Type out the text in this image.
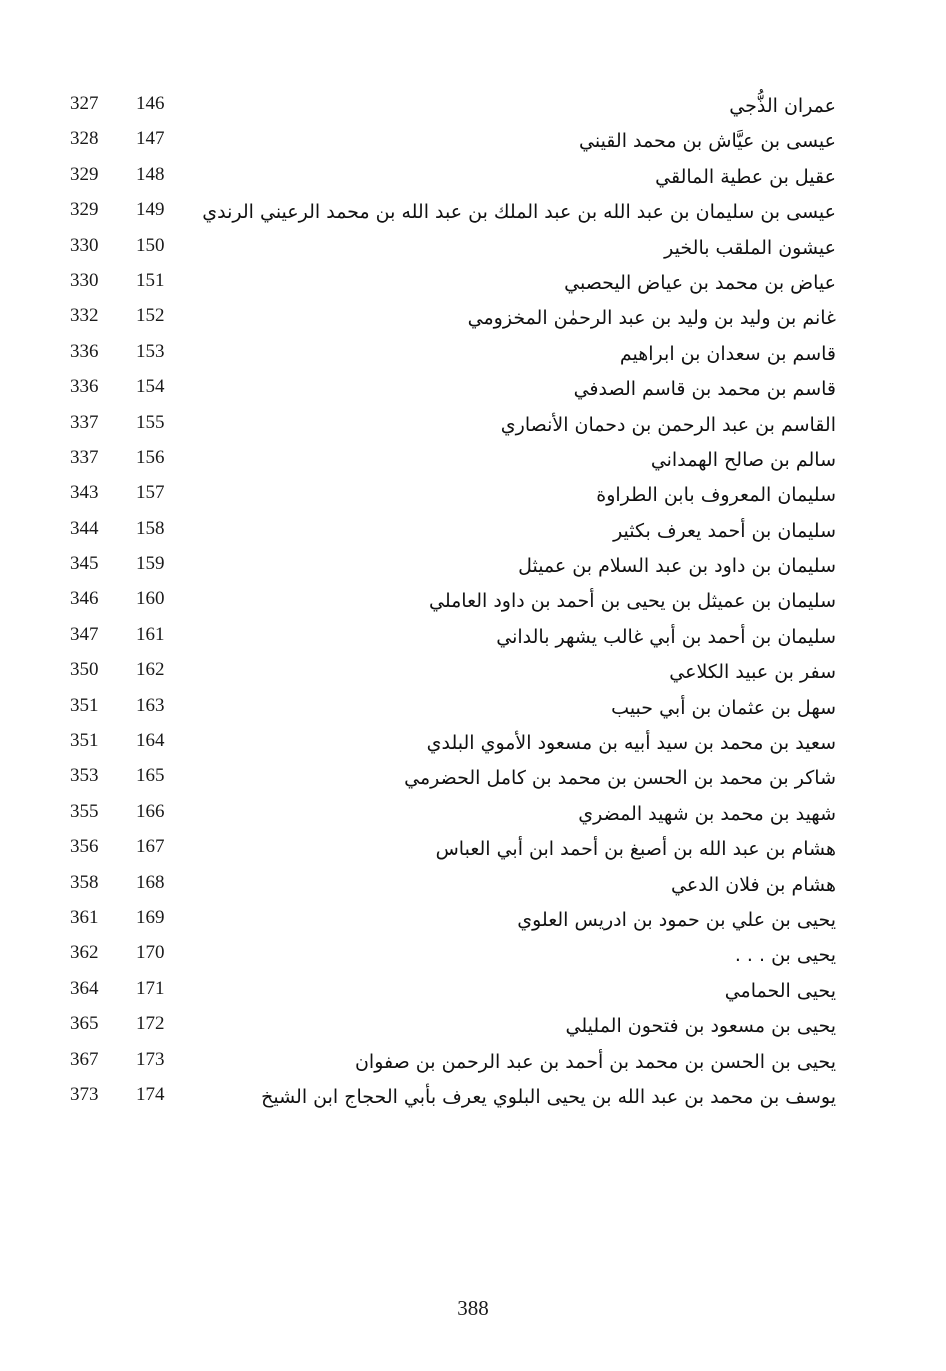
327	146	عمران الذُّجي
328	147	عيسى بن عيَّاش بن محمد القيني
329	148	عقيل بن عطية المالقي
329	149	عيسى بن سليمان بن عبد الله بن عبد الملك بن عبد الله بن محمد الرعيني الرندي
330	150	عيشون الملقب بالخير
330	151	عياض بن محمد بن عياض اليحصبي
332	152	غانم بن وليد بن وليد بن عبد الرحمٰن المخزومي
336	153	قاسم بن سعدان بن ابراهيم
336	154	قاسم بن محمد بن قاسم الصدفي
337	155	القاسم بن عبد الرحمن بن دحمان الأنصاري
337	156	سالم بن صالح الهمداني
343	157	سليمان المعروف بابن الطراوة
344	158	سليمان بن أحمد يعرف بكثير
345	159	سليمان بن داود بن عبد السلام بن عميثل
346	160	سليمان بن عميثل بن يحيى بن أحمد بن داود العاملي
347	161	سليمان بن أحمد بن أبي غالب يشهر بالداني
350	162	سفر بن عبيد الكلاعي
351	163	سهل بن عثمان بن أبي حبيب
351	164	سعيد بن محمد بن سيد أبيه بن مسعود الأموي البلدي
353	165	شاكر بن محمد بن الحسن بن محمد بن كامل الحضرمي
355	166	شهيد بن محمد بن شهيد المضري
356	167	هشام بن عبد الله بن أصبغ بن أحمد ابن أبي العباس
358	168	هشام بن فلان الدعي
361	169	يحيى بن علي بن حمود بن ادريس العلوي
362	170	يحيى بن . . .
364	171	يحيى الحمامي
365	172	يحيى بن مسعود بن فتحون المليلي
367	173	يحيى بن الحسن بن محمد بن أحمد بن عبد الرحمن بن صفوان
373	174	يوسف بن محمد بن عبد الله بن يحيى البلوي يعرف بأبي الحجاج ابن الشيخ
388
